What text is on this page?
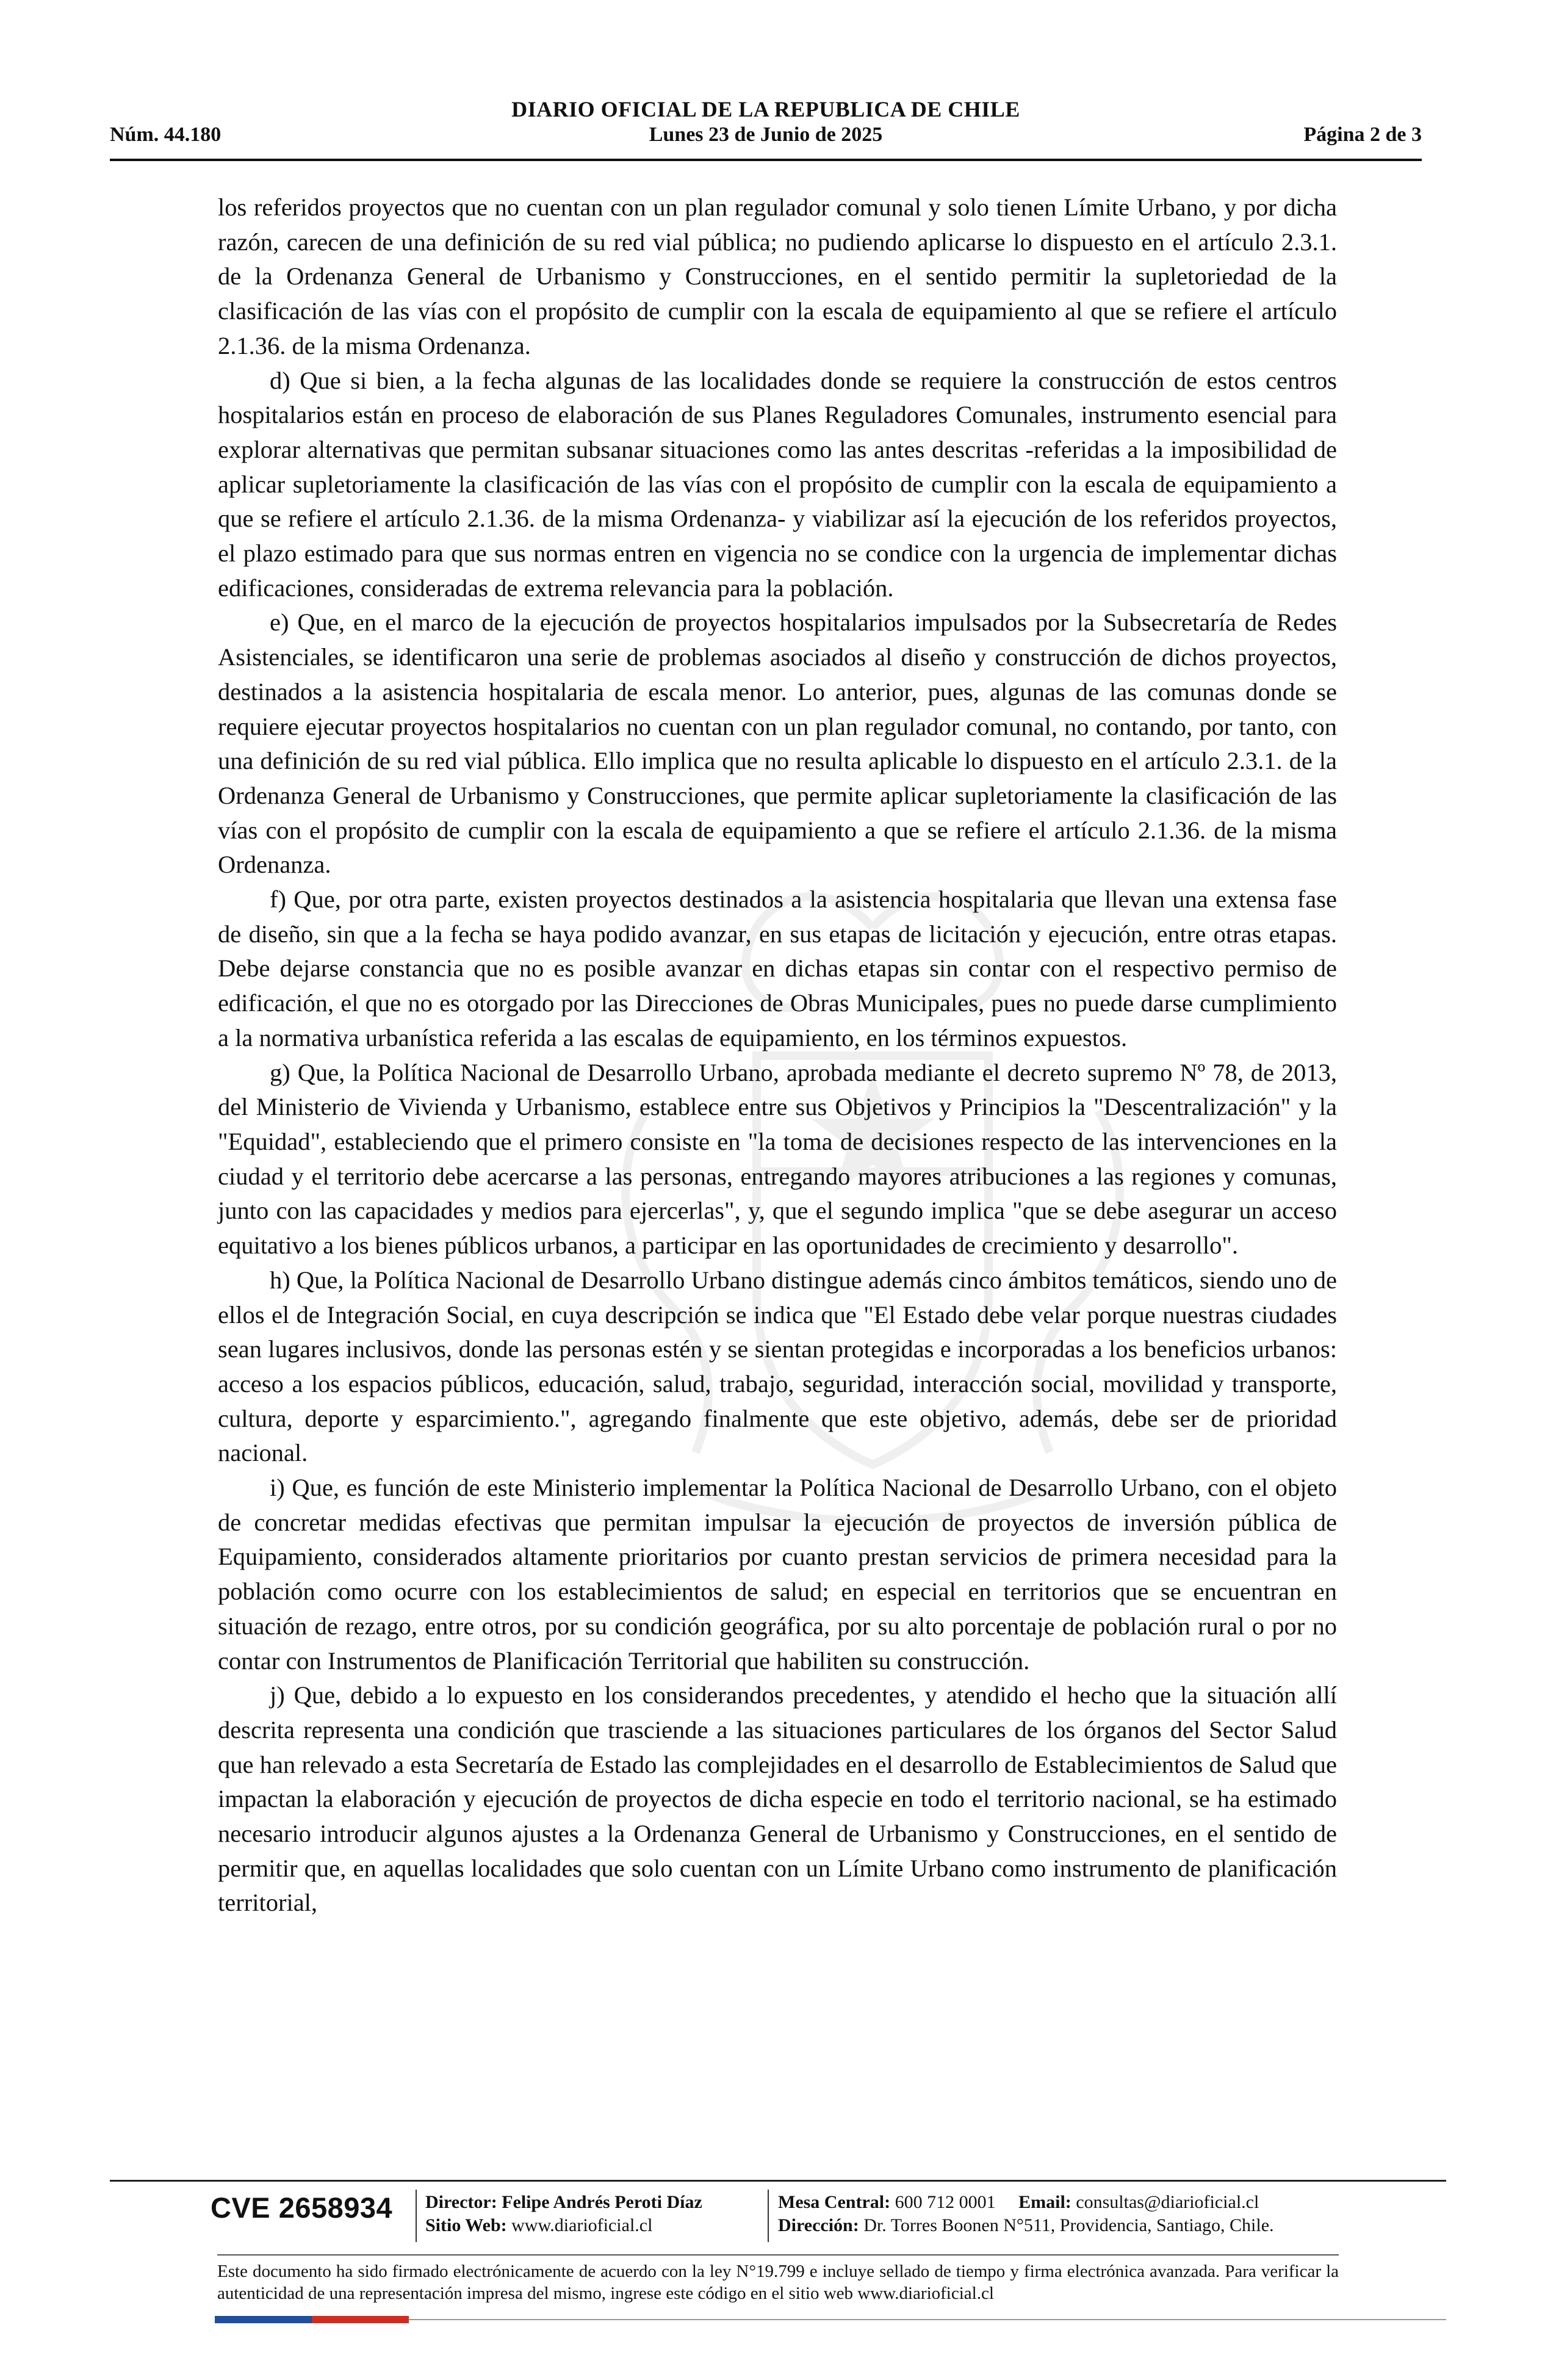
DIARIO OFICIAL DE LA REPUBLICA DE CHILE
Núm. 44.180	Lunes 23 de Junio de 2025	Página 2 de 3

los referidos proyectos que no cuentan con un plan regulador comunal y solo tienen Límite Urbano, y por dicha razón, carecen de una definición de su red vial pública; no pudiendo aplicarse lo dispuesto en el artículo 2.3.1. de la Ordenanza General de Urbanismo y Construcciones, en el sentido permitir la supletoriedad de la clasificación de las vías con el propósito de cumplir con la escala de equipamiento al que se refiere el artículo 2.1.36. de la misma Ordenanza.

d) Que si bien, a la fecha algunas de las localidades donde se requiere la construcción de estos centros hospitalarios están en proceso de elaboración de sus Planes Reguladores Comunales, instrumento esencial para explorar alternativas que permitan subsanar situaciones como las antes descritas -referidas a la imposibilidad de aplicar supletoriamente la clasificación de las vías con el propósito de cumplir con la escala de equipamiento a que se refiere el artículo 2.1.36. de la misma Ordenanza- y viabilizar así la ejecución de los referidos proyectos, el plazo estimado para que sus normas entren en vigencia no se condice con la urgencia de implementar dichas edificaciones, consideradas de extrema relevancia para la población.

e) Que, en el marco de la ejecución de proyectos hospitalarios impulsados por la Subsecretaría de Redes Asistenciales, se identificaron una serie de problemas asociados al diseño y construcción de dichos proyectos, destinados a la asistencia hospitalaria de escala menor. Lo anterior, pues, algunas de las comunas donde se requiere ejecutar proyectos hospitalarios no cuentan con un plan regulador comunal, no contando, por tanto, con una definición de su red vial pública. Ello implica que no resulta aplicable lo dispuesto en el artículo 2.3.1. de la Ordenanza General de Urbanismo y Construcciones, que permite aplicar supletoriamente la clasificación de las vías con el propósito de cumplir con la escala de equipamiento a que se refiere el artículo 2.1.36. de la misma Ordenanza.

f) Que, por otra parte, existen proyectos destinados a la asistencia hospitalaria que llevan una extensa fase de diseño, sin que a la fecha se haya podido avanzar, en sus etapas de licitación y ejecución, entre otras etapas. Debe dejarse constancia que no es posible avanzar en dichas etapas sin contar con el respectivo permiso de edificación, el que no es otorgado por las Direcciones de Obras Municipales, pues no puede darse cumplimiento a la normativa urbanística referida a las escalas de equipamiento, en los términos expuestos.

g) Que, la Política Nacional de Desarrollo Urbano, aprobada mediante el decreto supremo Nº 78, de 2013, del Ministerio de Vivienda y Urbanismo, establece entre sus Objetivos y Principios la "Descentralización" y la "Equidad", estableciendo que el primero consiste en "la toma de decisiones respecto de las intervenciones en la ciudad y el territorio debe acercarse a las personas, entregando mayores atribuciones a las regiones y comunas, junto con las capacidades y medios para ejercerlas", y, que el segundo implica "que se debe asegurar un acceso equitativo a los bienes públicos urbanos, a participar en las oportunidades de crecimiento y desarrollo".

h) Que, la Política Nacional de Desarrollo Urbano distingue además cinco ámbitos temáticos, siendo uno de ellos el de Integración Social, en cuya descripción se indica que "El Estado debe velar porque nuestras ciudades sean lugares inclusivos, donde las personas estén y se sientan protegidas e incorporadas a los beneficios urbanos: acceso a los espacios públicos, educación, salud, trabajo, seguridad, interacción social, movilidad y transporte, cultura, deporte y esparcimiento.", agregando finalmente que este objetivo, además, debe ser de prioridad nacional.

i) Que, es función de este Ministerio implementar la Política Nacional de Desarrollo Urbano, con el objeto de concretar medidas efectivas que permitan impulsar la ejecución de proyectos de inversión pública de Equipamiento, considerados altamente prioritarios por cuanto prestan servicios de primera necesidad para la población como ocurre con los establecimientos de salud; en especial en territorios que se encuentran en situación de rezago, entre otros, por su condición geográfica, por su alto porcentaje de población rural o por no contar con Instrumentos de Planificación Territorial que habiliten su construcción.

j) Que, debido a lo expuesto en los considerandos precedentes, y atendido el hecho que la situación allí descrita representa una condición que trasciende a las situaciones particulares de los órganos del Sector Salud que han relevado a esta Secretaría de Estado las complejidades en el desarrollo de Establecimientos de Salud que impactan la elaboración y ejecución de proyectos de dicha especie en todo el territorio nacional, se ha estimado necesario introducir algunos ajustes a la Ordenanza General de Urbanismo y Construcciones, en el sentido de permitir que, en aquellas localidades que solo cuentan con un Límite Urbano como instrumento de planificación territorial,

CVE 2658934 Director: Felipe Andrés Peroti Díaz
Sitio Web: www.diarioficial.cl
Mesa Central: 600 712 0001 Email: consultas@diarioficial.cl
Dirección: Dr. Torres Boonen N°511, Providencia, Santiago, Chile.
Este documento ha sido firmado electrónicamente de acuerdo con la ley N°19.799 e incluye sellado de tiempo y firma electrónica avanzada. Para verificar la autenticidad de una representación impresa del mismo, ingrese este código en el sitio web www.diarioficial.cl
